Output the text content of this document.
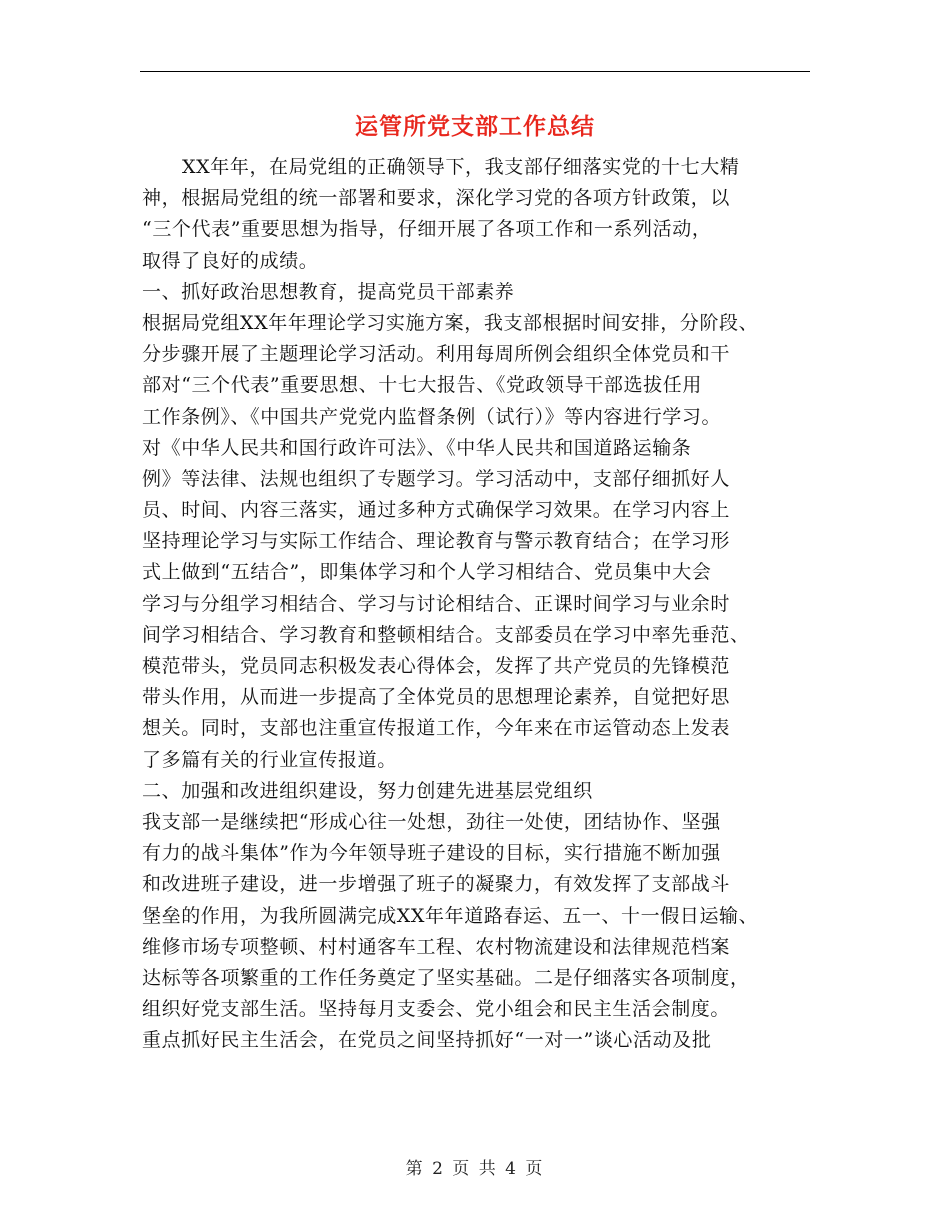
运管所党支部工作总结
XX年年，在局党组的正确领导下，我支部仔细落实党的十七大精
神，根据局党组的统一部署和要求，深化学习党的各项方针政策，以
“三个代表”重要思想为指导，仔细开展了各项工作和一系列活动，
取得了良好的成绩。
一、抓好政治思想教育，提高党员干部素养
根据局党组XX年年理论学习实施方案，我支部根据时间安排，分阶段、
分步骤开展了主题理论学习活动。利用每周所例会组织全体党员和干
部对“三个代表”重要思想、十七大报告、《党政领导干部选拔任用
工作条例》、《中国共产党党内监督条例（试行）》等内容进行学习。
对《中华人民共和国行政许可法》、《中华人民共和国道路运输条
例》等法律、法规也组织了专题学习。学习活动中，支部仔细抓好人
员、时间、内容三落实，通过多种方式确保学习效果。在学习内容上
坚持理论学习与实际工作结合、理论教育与警示教育结合；在学习形
式上做到“五结合”，即集体学习和个人学习相结合、党员集中大会
学习与分组学习相结合、学习与讨论相结合、正课时间学习与业余时
间学习相结合、学习教育和整顿相结合。支部委员在学习中率先垂范、
模范带头，党员同志积极发表心得体会，发挥了共产党员的先锋模范
带头作用，从而进一步提高了全体党员的思想理论素养，自觉把好思
想关。同时，支部也注重宣传报道工作，今年来在市运管动态上发表
了多篇有关的行业宣传报道。
二、加强和改进组织建设，努力创建先进基层党组织
我支部一是继续把“形成心往一处想，劲往一处使，团结协作、坚强
有力的战斗集体”作为今年领导班子建设的目标，实行措施不断加强
和改进班子建设，进一步增强了班子的凝聚力，有效发挥了支部战斗
堡垒的作用，为我所圆满完成XX年年道路春运、五一、十一假日运输、
维修市场专项整顿、村村通客车工程、农村物流建设和法律规范档案
达标等各项繁重的工作任务奠定了坚实基础。二是仔细落实各项制度，
组织好党支部生活。坚持每月支委会、党小组会和民主生活会制度。
重点抓好民主生活会，在党员之间坚持抓好“一对一”谈心活动及批
第 2 页 共 4 页
